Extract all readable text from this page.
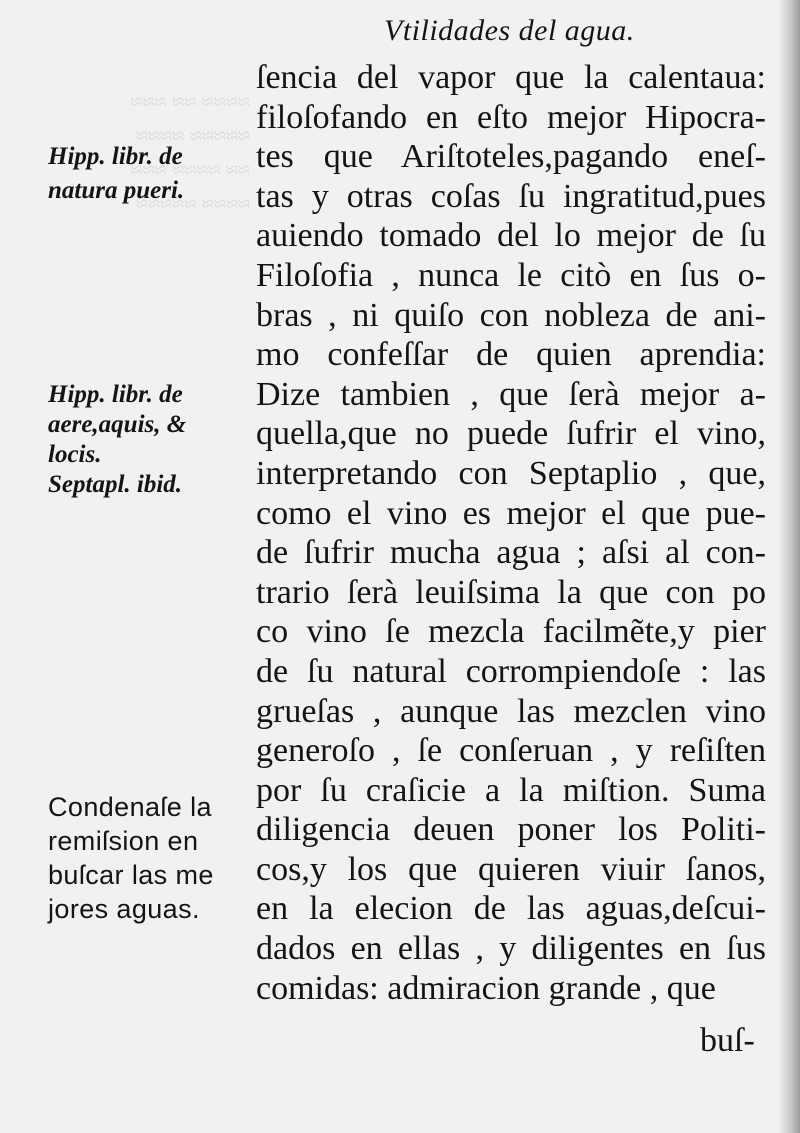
≈≈≈≈ ≈≈ ≈≈≈
≈≈≈≈≈ ≈≈≈≈
≈≈ ≈≈≈≈ ≈≈≈
≈≈≈≈ ≈≈≈≈≈
Vtilidades del agua.
ſencia del vapor que la calentaua:
filoſofando en eſto mejor Hipocra-
tes que Ariſtoteles,pagando eneſ-
tas y otras coſas ſu ingratitud,pues
auiendo tomado del lo mejor de ſu
Filoſofia , nunca le citò en ſus o-
bras , ni quiſo con nobleza de ani-
mo confeſſar de quien aprendia:
Dize tambien , que ſerà mejor a-
quella,que no puede ſufrir el vino,
interpretando con Septaplio , que,
como el vino es mejor el que pue-
de ſufrir mucha agua ; aſsi al con-
trario ſerà leuiſsima la que con po
co vino ſe mezcla facilmẽte,y pier
de ſu natural corrompiendoſe : las
grueſas , aunque las mezclen vino
generoſo , ſe conſeruan , y reſiſten
por ſu craſicie a la miſtion. Suma
diligencia deuen poner los Politi-
cos,y los que quieren viuir ſanos,
en la elecion de las aguas,deſcui-
dados en ellas , y diligentes en ſus
comidas: admiracion grande , que
buſ-
Hipp. libr. de
natura pueri.
Hipp. libr. de
aere,aquis, &
locis.
Septapl. ibid.
Condenaſe la
remiſsion en
buſcar las me
jores aguas.
